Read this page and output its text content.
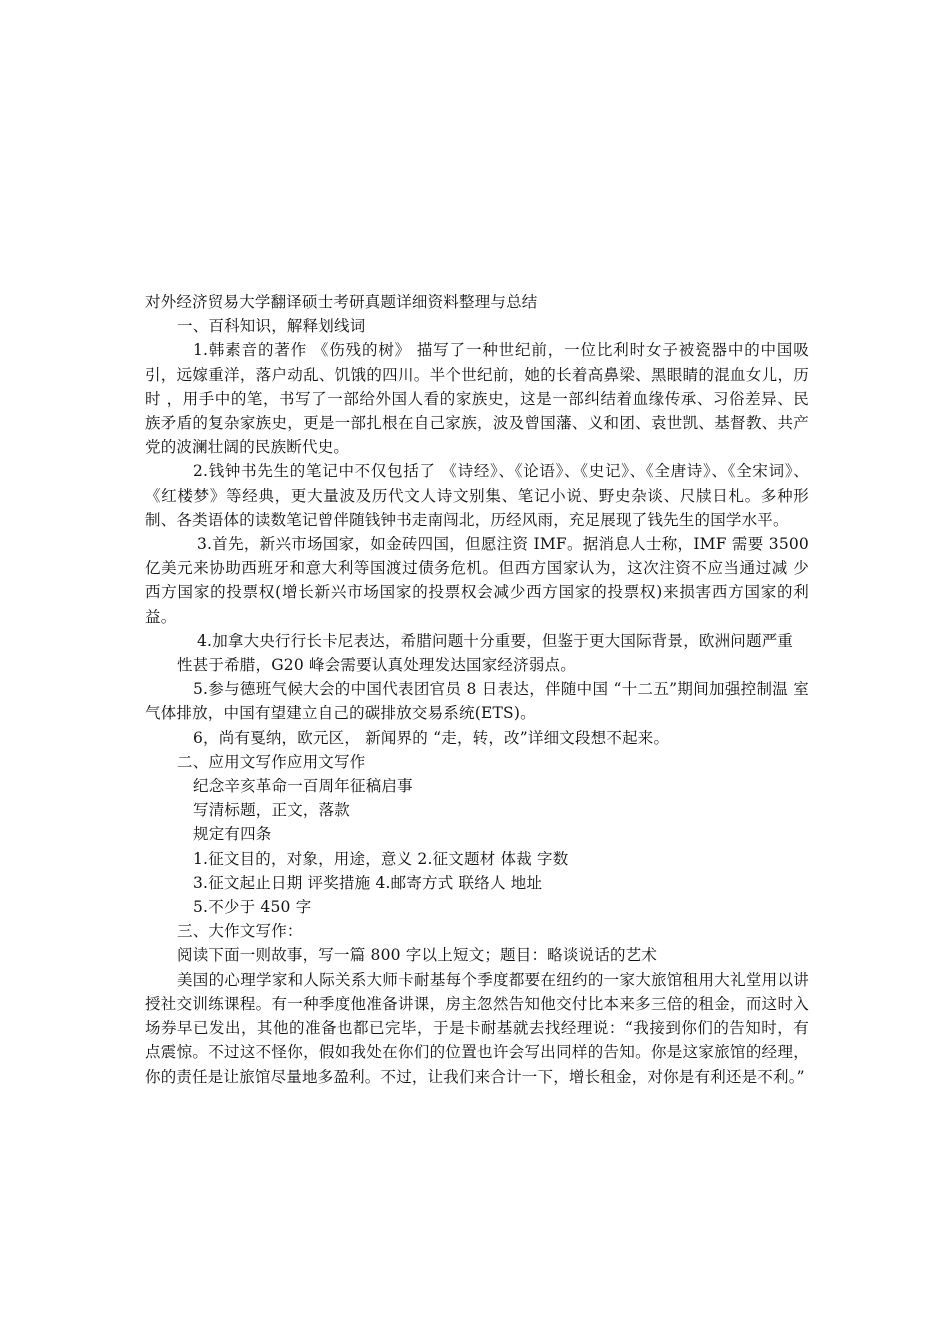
对外经济贸易大学翻译硕士考研真题详细资料整理与总结

一、百科知识，解释划线词

1.韩素音的著作 《伤残的树》 描写了一种世纪前，一位比利时女子被瓷器中的中国吸引，远嫁重洋，落户动乱、饥饿的四川。半个世纪前，她的长着高鼻梁、黑眼睛的混血女儿，历时 ，用手中的笔，书写了一部给外国人看的家族史，这是一部纠结着血缘传承、习俗差异、民族矛盾的复杂家族史，更是一部扎根在自己家族，波及曾国藩、义和团、袁世凯、基督教、共产党的波澜壮阔的民族断代史。

2.钱钟书先生的笔记中不仅包括了 《诗经》、《论语》、《史记》、《全唐诗》、《全宋词》、《红楼梦》等经典，更大量波及历代文人诗文别集、笔记小说、野史杂谈、尺牍日札。多种形制、各类语体的读数笔记曾伴随钱钟书走南闯北，历经风雨，充足展现了钱先生的国学水平。

3.首先，新兴市场国家，如金砖四国，但愿注资 IMF。据消息人士称，IMF 需要 3500 亿美元来协助西班牙和意大利等国渡过债务危机。但西方国家认为，这次注资不应当通过减 少西方国家的投票权(增长新兴市场国家的投票权会减少西方国家的投票权)来损害西方国家的利益。

4.加拿大央行行长卡尼表达，希腊问题十分重要，但鉴于更大国际背景，欧洲问题严重

性甚于希腊，G20 峰会需要认真处理发达国家经济弱点。

5.参与德班气候大会的中国代表团官员 8 日表达，伴随中国 “十二五”期间加强控制温 室气体排放，中国有望建立自己的碳排放交易系统(ETS)。

6，尚有戛纳，欧元区， 新闻界的 “走，转，改”详细文段想不起来。

二、应用文写作应用文写作

纪念辛亥革命一百周年征稿启事

写清标题，正文，落款

规定有四条

1.征文目的，对象，用途，意义 2.征文题材 体裁 字数

3.征文起止日期 评奖措施 4.邮寄方式 联络人 地址

5.不少于 450 字

三、大作文写作：

阅读下面一则故事，写一篇 800 字以上短文；题目：略谈说话的艺术

美国的心理学家和人际关系大师卡耐基每个季度都要在纽约的一家大旅馆租用大礼堂用以讲授社交训练课程。有一种季度他准备讲课，房主忽然告知他交付比本来多三倍的租金，而这时入场券早已发出，其他的准备也都已完毕，于是卡耐基就去找经理说：“我接到你们的告知时，有点震惊。不过这不怪你，假如我处在你们的位置也许会写出同样的告知。你是这家旅馆的经理，你的责任是让旅馆尽量地多盈利。不过，让我们来合计一下，增长租金，对你是有利还是不利。”
